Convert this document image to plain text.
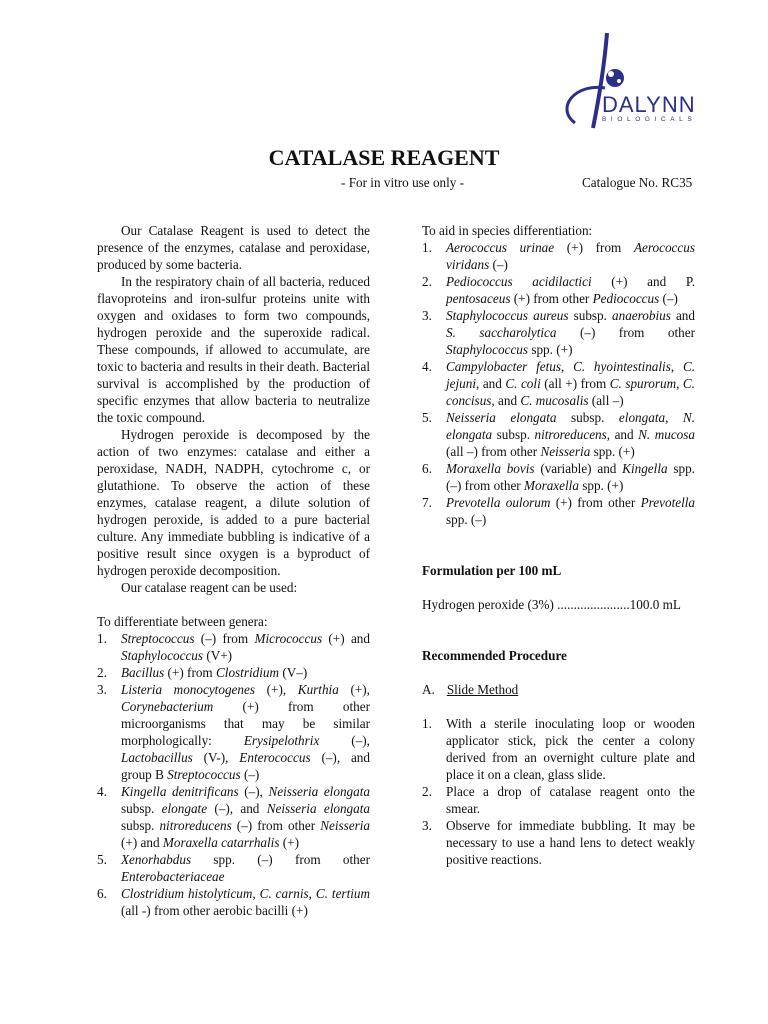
DALYNN
BIOLOGICALS
CATALASE REAGENT
- For in vitro use only -	Catalogue No. RC35

Our Catalase Reagent is used to detect the presence of the enzymes, catalase and peroxidase, produced by some bacteria.

In the respiratory chain of all bacteria, reduced flavoproteins and iron-sulfur proteins unite with oxygen and oxidases to form two compounds, hydrogen peroxide and the superoxide radical. These compounds, if allowed to accumulate, are toxic to bacteria and results in their death. Bacterial survival is accomplished by the production of specific enzymes that allow bacteria to neutralize the toxic compound.

Hydrogen peroxide is decomposed by the action of two enzymes: catalase and either a peroxidase, NADH, NADPH, cytochrome c, or glutathione. To observe the action of these enzymes, catalase reagent, a dilute solution of hydrogen peroxide, is added to a pure bacterial culture. Any immediate bubbling is indicative of a positive result since oxygen is a byproduct of hydrogen peroxide decomposition.

Our catalase reagent can be used:

To differentiate between genera:

1. Streptococcus (–) from Micrococcus (+) and Staphylococcus (V+)
2. Bacillus (+) from Clostridium (V–)
3. Listeria monocytogenes (+), Kurthia (+), Corynebacterium (+) from other microorganisms that may be similar morphologically: Erysipelothrix (–), Lactobacillus (V-), Enterococcus (–), and group B Streptococcus (–)
4. Kingella denitrificans (–), Neisseria elongata subsp. elongate (–), and Neisseria elongata subsp. nitroreducens (–) from other Neisseria (+) and Moraxella catarrhalis (+)
5. Xenorhabdus spp. (–) from other Enterobacteriaceae
6. Clostridium histolyticum, C. carnis, C. tertium (all -) from other aerobic bacilli (+)

To aid in species differentiation:

1. Aerococcus urinae (+) from Aerococcus viridans (–)
2. Pediococcus acidilactici (+) and P. pentosaceus (+) from other Pediococcus (–)
3. Staphylococcus aureus subsp. anaerobius and S. saccharolytica (–) from other Staphylococcus spp. (+)
4. Campylobacter fetus, C. hyointestinalis, C. jejuni, and C. coli (all +) from C. spurorum, C. concisus, and C. mucosalis (all –)
5. Neisseria elongata subsp. elongata, N. elongata subsp. nitroreducens, and N. mucosa (all –) from other Neisseria spp. (+)
6. Moraxella bovis (variable) and Kingella spp. (–) from other Moraxella spp. (+)
7. Prevotella oulorum (+) from other Prevotella spp. (–)

Formulation per 100 mL

Hydrogen peroxide (3%) ......................100.0 mL

Recommended Procedure

A. Slide Method

1. With a sterile inoculating loop or wooden applicator stick, pick the center a colony derived from an overnight culture plate and place it on a clean, glass slide.
2. Place a drop of catalase reagent onto the smear.
3. Observe for immediate bubbling. It may be necessary to use a hand lens to detect weakly positive reactions.
